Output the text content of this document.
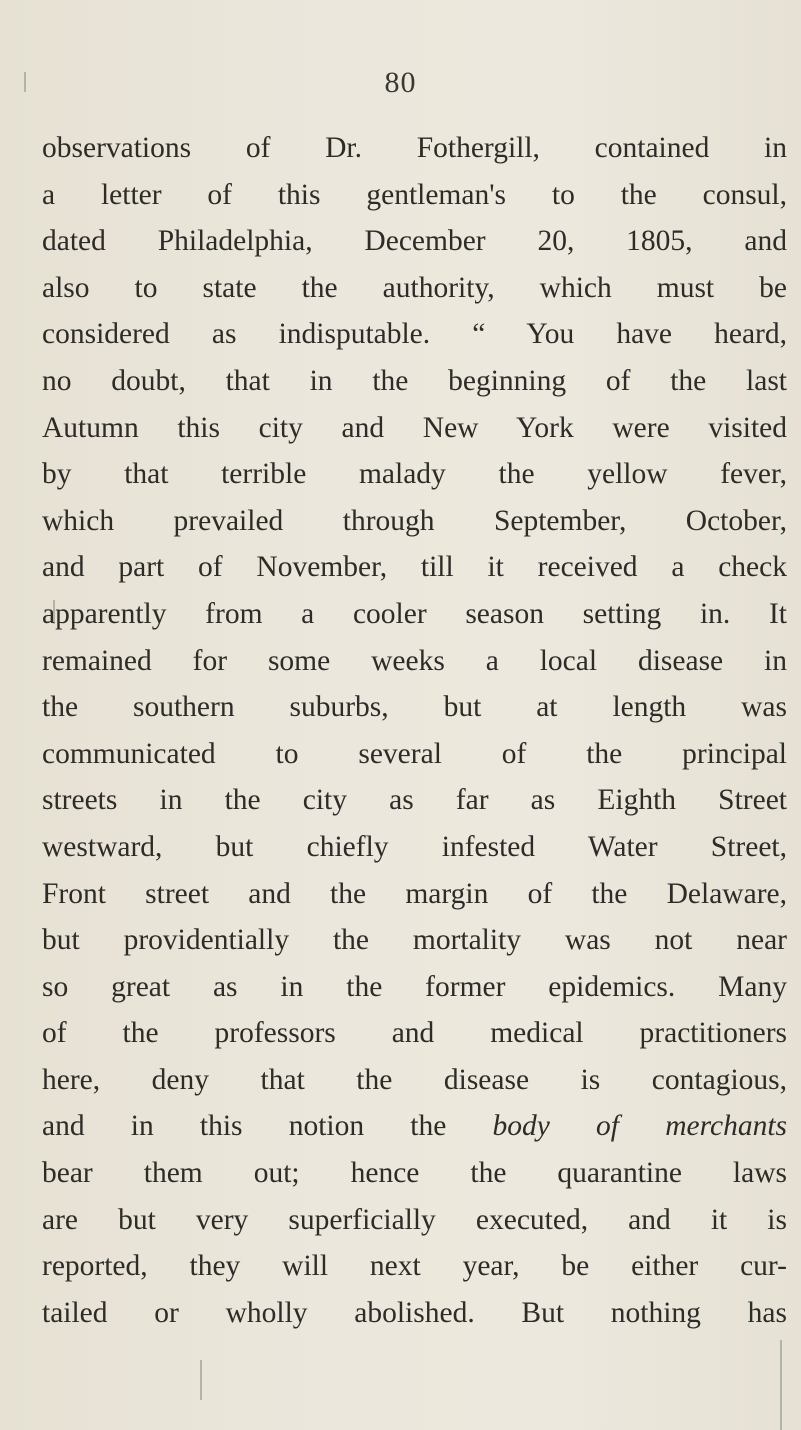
80
observations of Dr. Fothergill, contained in
a letter of this gentleman's to the consul,
dated Philadelphia, December 20, 1805, and
also to state the authority, which must be
considered as indisputable. “ You have heard,
no doubt, that in the beginning of the last
Autumn this city and New York were visited
by that terrible malady the yellow fever,
which prevailed through September, October,
and part of November, till it received a check
apparently from a cooler season setting in. It
remained for some weeks a local disease in
the southern suburbs, but at length was
communicated to several of the principal
streets in the city as far as Eighth Street
westward, but chiefly infested Water Street,
Front street and the margin of the Delaware,
but providentially the mortality was not near
so great as in the former epidemics. Many
of the professors and medical practitioners
here, deny that the disease is contagious,
and in this notion the body of merchants
bear them out; hence the quarantine laws
are but very superficially executed, and it is
reported, they will next year, be either cur-
tailed or wholly abolished. But nothing has
